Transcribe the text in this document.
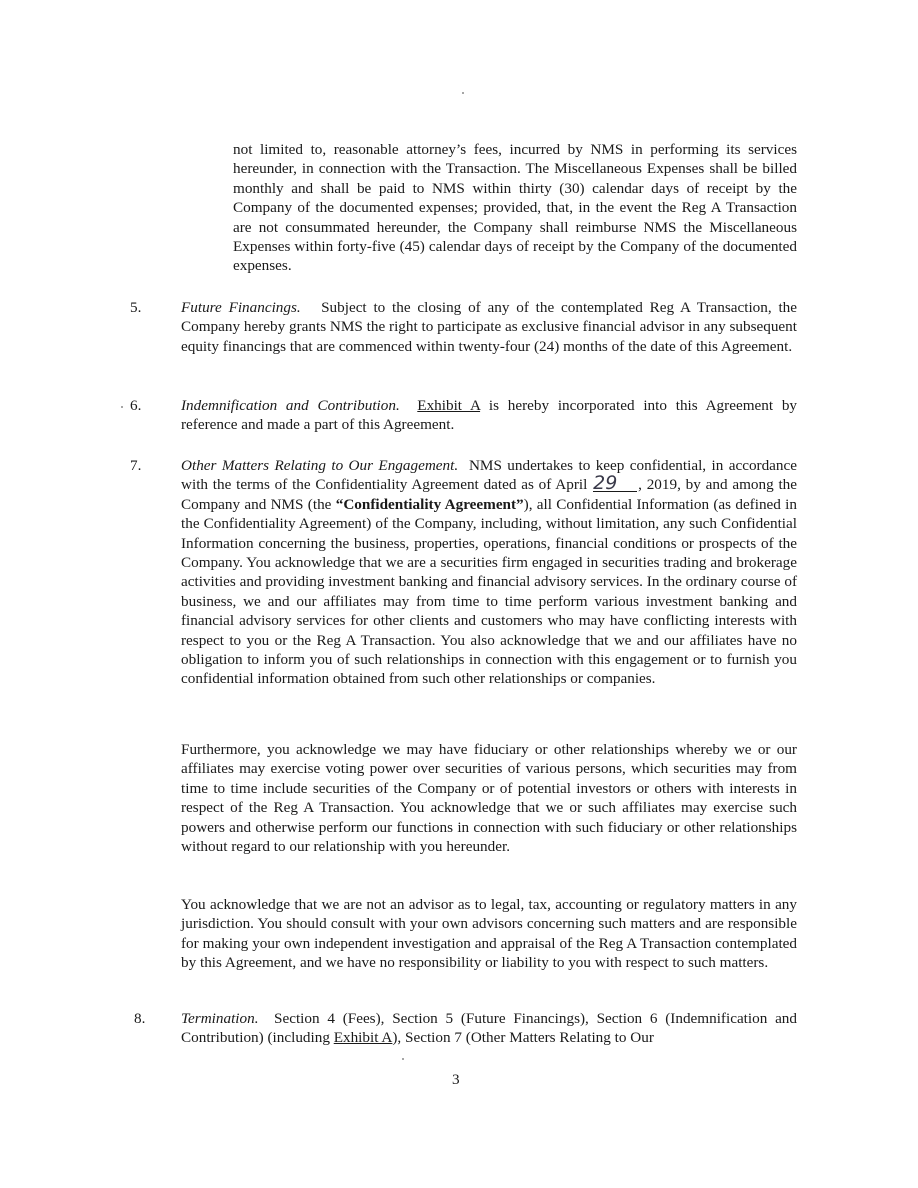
not limited to, reasonable attorney’s fees, incurred by NMS in performing its services hereunder, in connection with the Transaction. The Miscellaneous Expenses shall be billed monthly and shall be paid to NMS within thirty (30) calendar days of receipt by the Company of the documented expenses; provided, that, in the event the Reg A Transaction are not consummated hereunder, the Company shall reimburse NMS the Miscellaneous Expenses within forty-five (45) calendar days of receipt by the Company of the documented expenses.

5.	Future Financings. Subject to the closing of any of the contemplated Reg A Transaction, the Company hereby grants NMS the right to participate as exclusive financial advisor in any subsequent equity financings that are commenced within twenty-four (24) months of the date of this Agreement.

6.	Indemnification and Contribution. Exhibit A is hereby incorporated into this Agreement by reference and made a part of this Agreement.

7.	Other Matters Relating to Our Engagement. NMS undertakes to keep confidential, in accordance with the terms of the Confidentiality Agreement dated as of April 29 , 2019, by and among the Company and NMS (the “Confidentiality Agreement”), all Confidential Information (as defined in the Confidentiality Agreement) of the Company, including, without limitation, any such Confidential Information concerning the business, properties, operations, financial conditions or prospects of the Company. You acknowledge that we are a securities firm engaged in securities trading and brokerage activities and providing investment banking and financial advisory services. In the ordinary course of business, we and our affiliates may from time to time perform various investment banking and financial advisory services for other clients and customers who may have conflicting interests with respect to you or the Reg A Transaction. You also acknowledge that we and our affiliates have no obligation to inform you of such relationships in connection with this engagement or to furnish you confidential information obtained from such other relationships or companies.

Furthermore, you acknowledge we may have fiduciary or other relationships whereby we or our affiliates may exercise voting power over securities of various persons, which securities may from time to time include securities of the Company or of potential investors or others with interests in respect of the Reg A Transaction. You acknowledge that we or such affiliates may exercise such powers and otherwise perform our functions in connection with such fiduciary or other relationships without regard to our relationship with you hereunder.

You acknowledge that we are not an advisor as to legal, tax, accounting or regulatory matters in any jurisdiction. You should consult with your own advisors concerning such matters and are responsible for making your own independent investigation and appraisal of the Reg A Transaction contemplated by this Agreement, and we have no responsibility or liability to you with respect to such matters.

8. Termination. Section 4 (Fees), Section 5 (Future Financings), Section 6 (Indemnification and Contribution) (including Exhibit A), Section 7 (Other Matters Relating to Our

3
